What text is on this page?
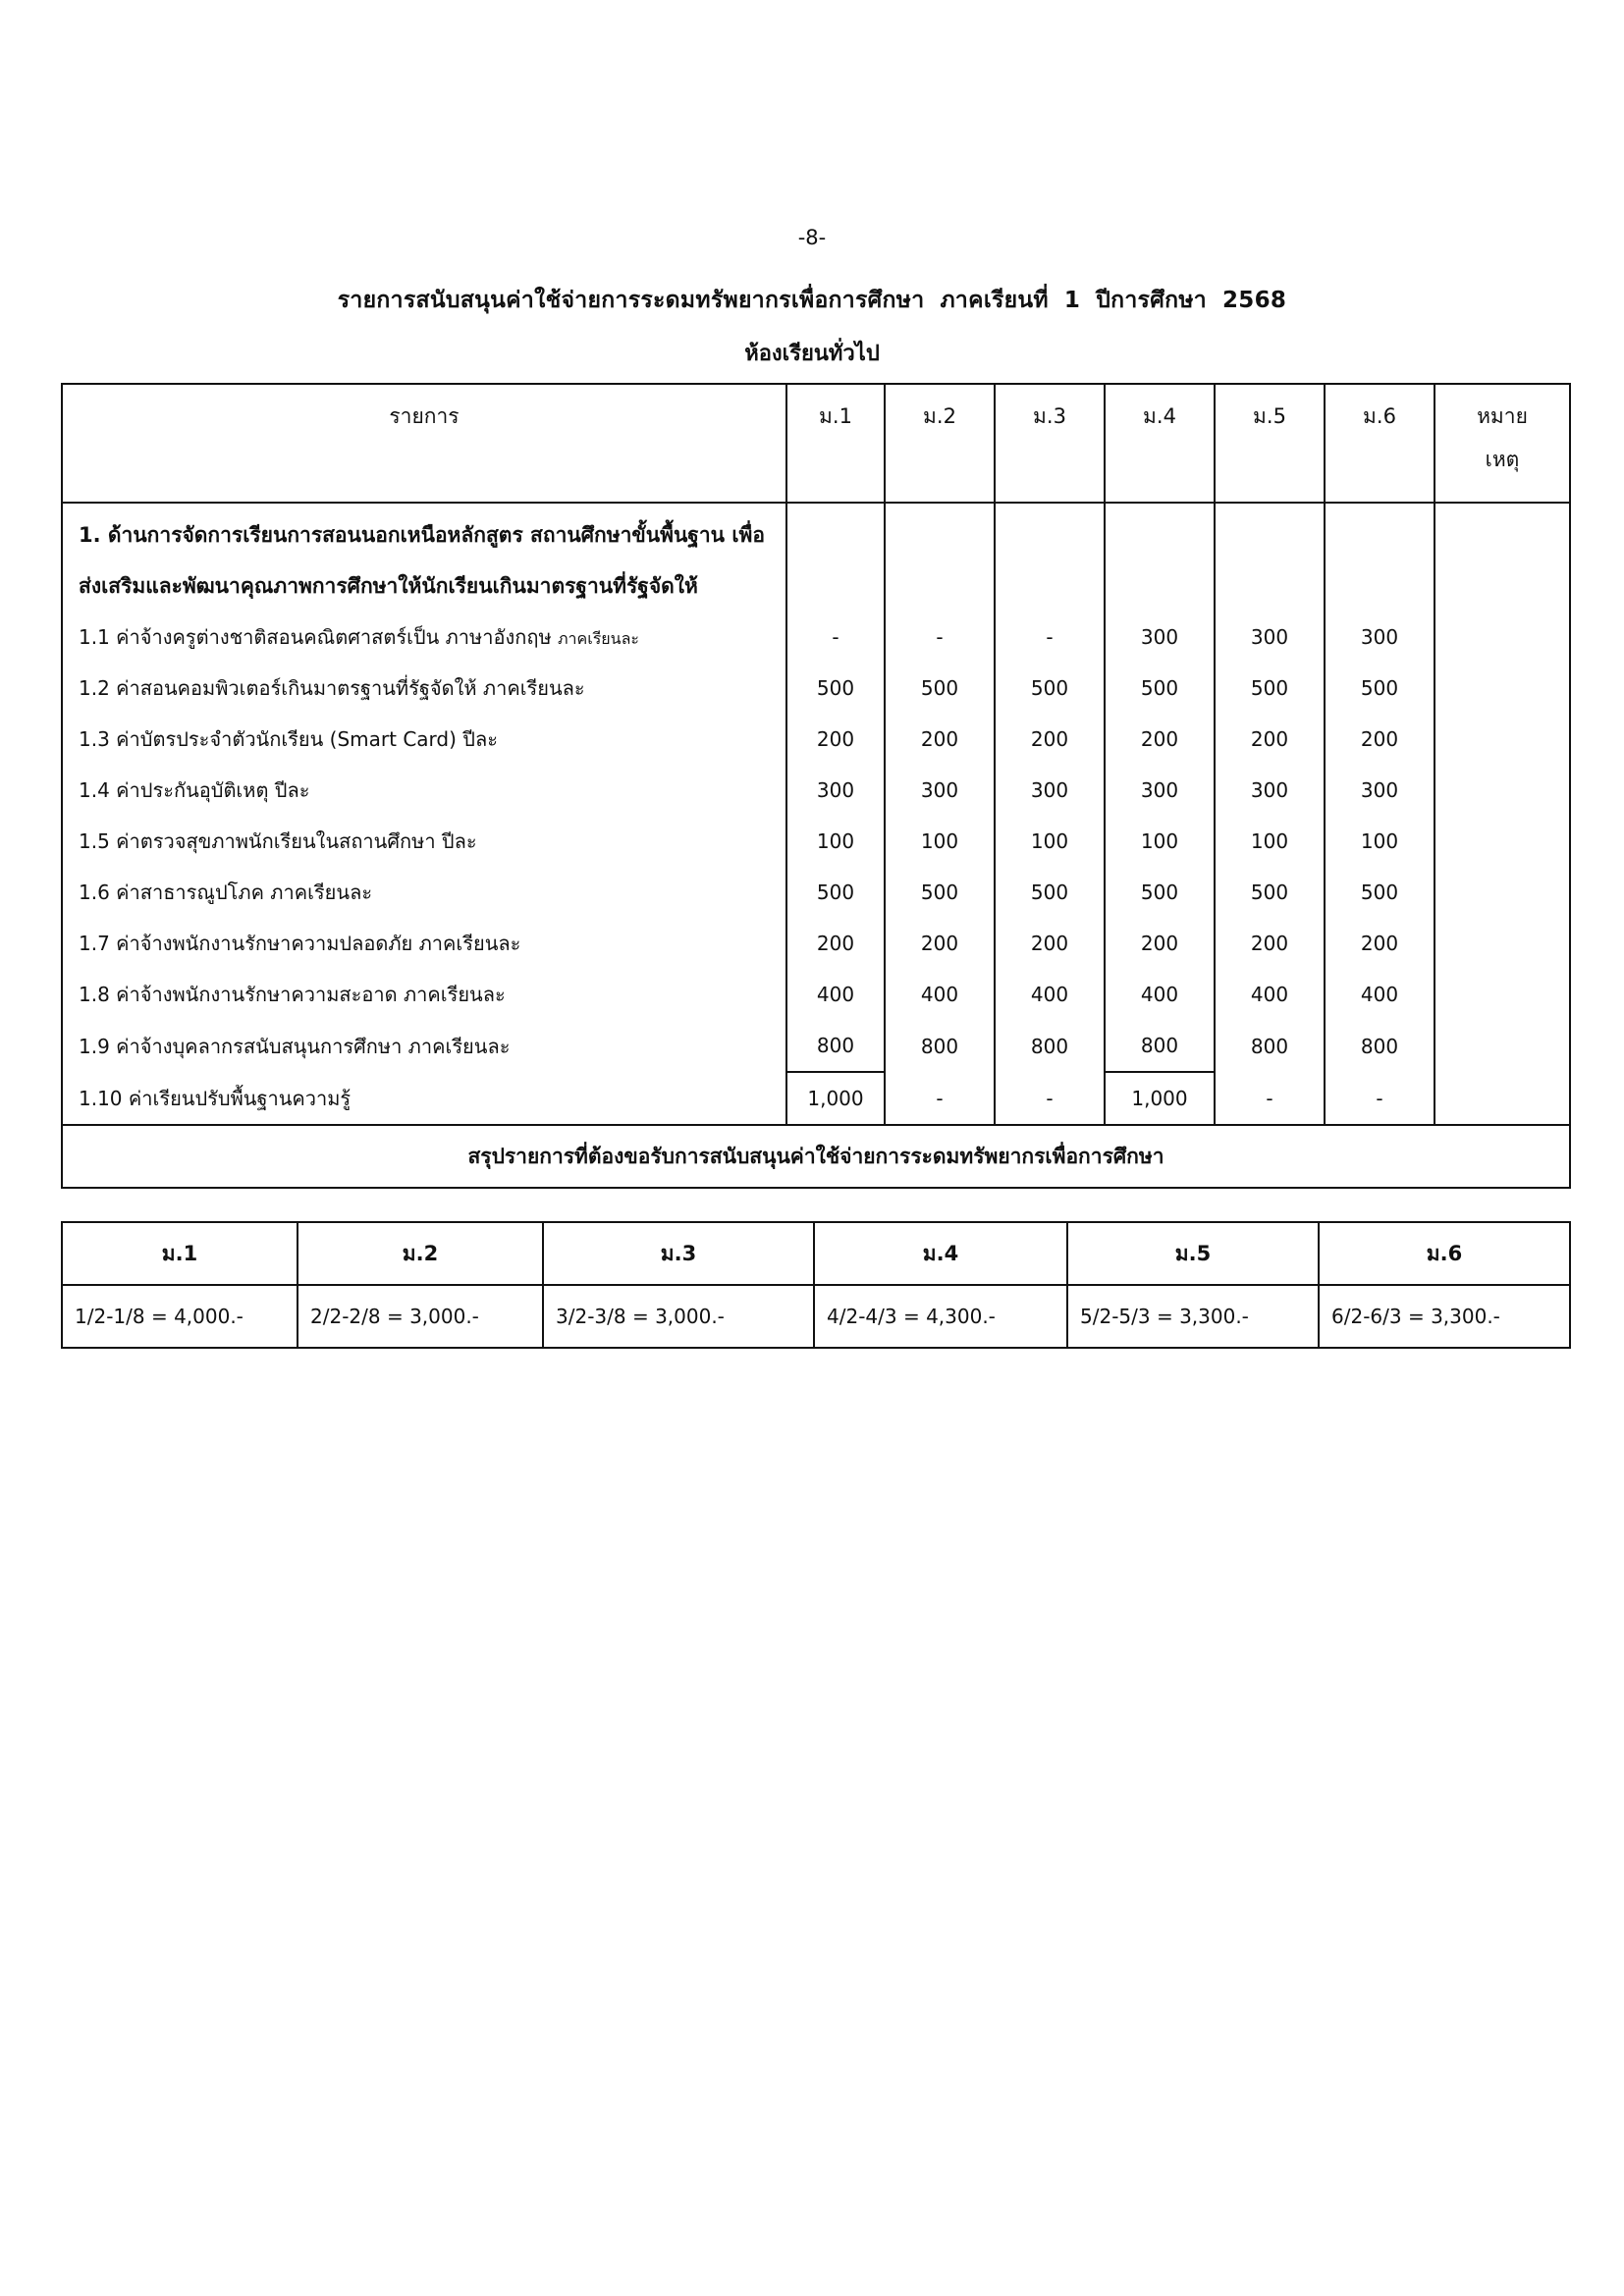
-8-
รายการสนับสนุนค่าใช้จ่ายการระดมทรัพยากรเพื่อการศึกษา ภาคเรียนที่ 1 ปีการศึกษา 2568
ห้องเรียนทั่วไป
รายการ	ม.1	ม.2	ม.3	ม.4	ม.5	ม.6	หมาย
เหตุ

1. ด้านการจัดการเรียนการสอนนอกเหนือหลักสูตร สถานศึกษาขั้นพื้นฐาน เพื่อส่งเสริมและพัฒนาคุณภาพการศึกษาให้นักเรียนเกินมาตรฐานที่รัฐจัดให้							

1.1 ค่าจ้างครูต่างชาติสอนคณิตศาสตร์เป็น ภาษาอังกฤษ ภาคเรียนละ	-	-	-	300	300	300	
1.2 ค่าสอนคอมพิวเตอร์เกินมาตรฐานที่รัฐจัดให้ ภาคเรียนละ	500	500	500	500	500	500	
1.3 ค่าบัตรประจำตัวนักเรียน (Smart Card) ปีละ	200	200	200	200	200	200	
1.4 ค่าประกันอุบัติเหตุ ปีละ	300	300	300	300	300	300	
1.5 ค่าตรวจสุขภาพนักเรียนในสถานศึกษา ปีละ	100	100	100	100	100	100	
1.6 ค่าสาธารณูปโภค ภาคเรียนละ	500	500	500	500	500	500	
1.7 ค่าจ้างพนักงานรักษาความปลอดภัย ภาคเรียนละ	200	200	200	200	200	200	
1.8 ค่าจ้างพนักงานรักษาความสะอาด ภาคเรียนละ	400	400	400	400	400	400	
1.9 ค่าจ้างบุคลากรสนับสนุนการศึกษา ภาคเรียนละ	800	800	800	800	800	800	
1.10 ค่าเรียนปรับพื้นฐานความรู้	1,000	-	-	1,000	-	-	
สรุปรายการที่ต้องขอรับการสนับสนุนค่าใช้จ่ายการระดมทรัพยากรเพื่อการศึกษา							
ม.1	ม.2	ม.3	ม.4	ม.5	ม.6
1/2-1/8 = 4,000.-	2/2-2/8 = 3,000.-	3/2-3/8 = 3,000.-	4/2-4/3 = 4,300.-	5/2-5/3 = 3,300.-	6/2-6/3 = 3,300.-
